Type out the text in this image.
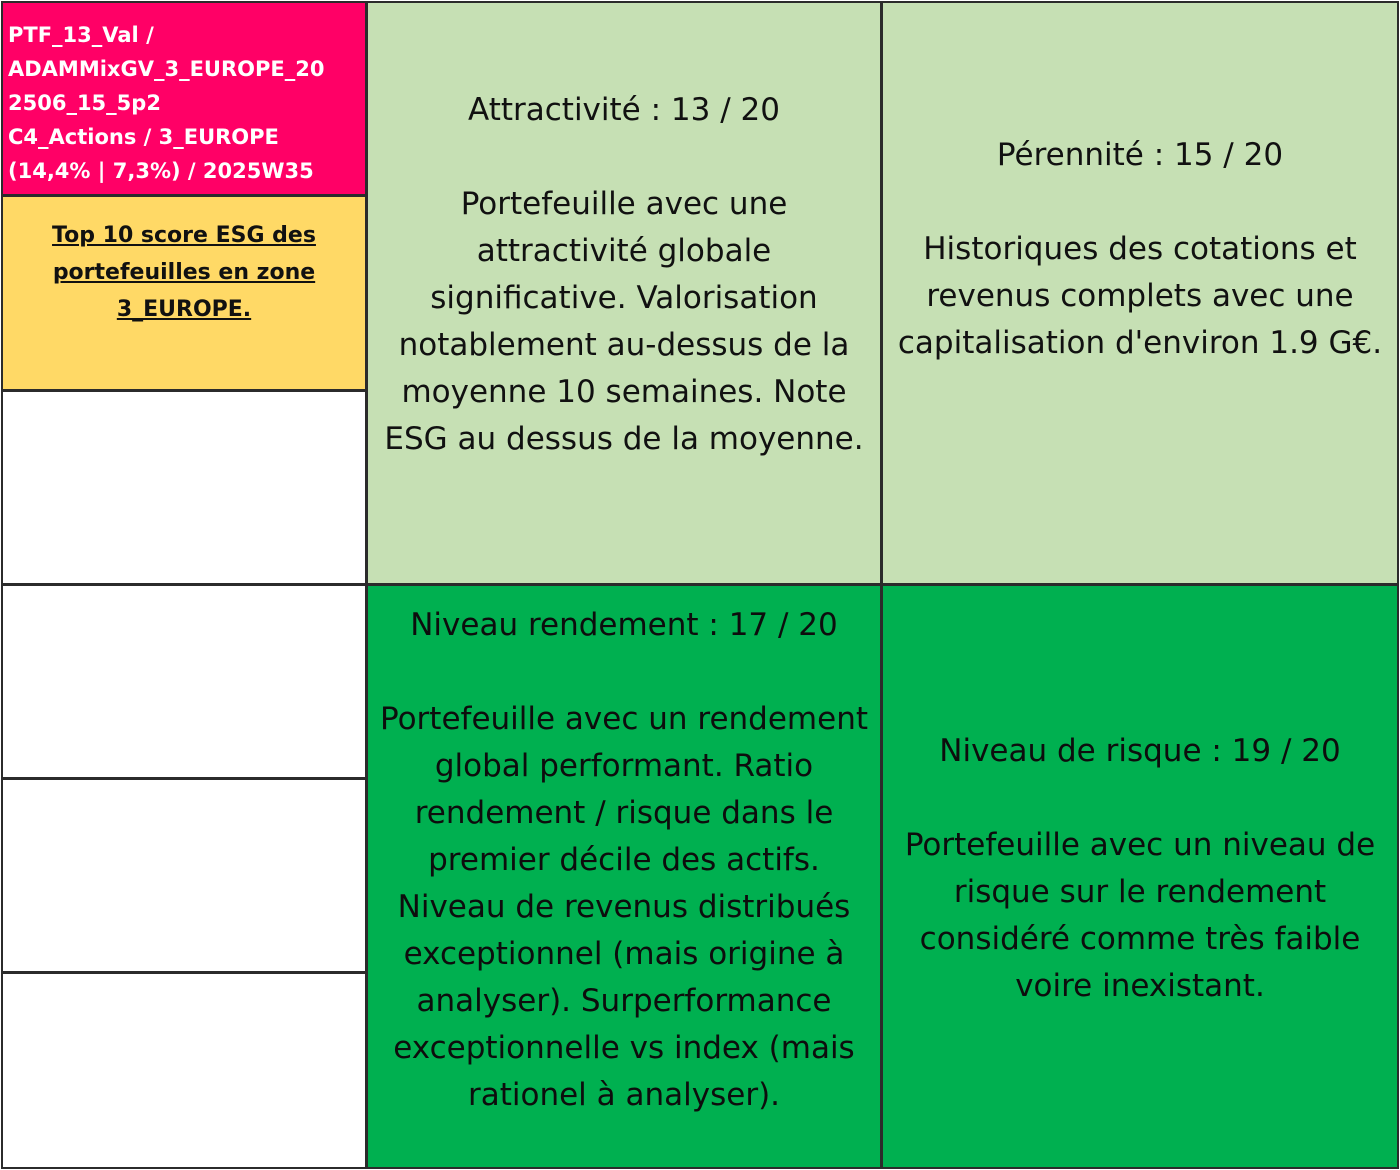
PTF_13_Val /
ADAMMixGV_3_EUROPE_20
2506_15_5p2
C4_Actions / 3_EUROPE
(14,4% | 7,3%) / 2025W35
Top 10 score ESG des portefeuilles en zone 3_EUROPE.
Attractivité : 13 / 20
Portefeuille avec une attractivité globale significative. Valorisation notablement au-dessus de la moyenne 10 semaines. Note ESG au dessus de la moyenne.
Pérennité : 15 / 20
Historiques des cotations et revenus complets avec une capitalisation d'environ 1.9 G€.
Niveau rendement : 17 / 20
Portefeuille avec un rendement global performant. Ratio rendement / risque dans le premier décile des actifs. Niveau de revenus distribués exceptionnel (mais origine à analyser). Surperformance exceptionnelle vs index (mais rationel à analyser).
Niveau de risque : 19 / 20
Portefeuille avec un niveau de risque sur le rendement considéré comme très faible voire inexistant.
